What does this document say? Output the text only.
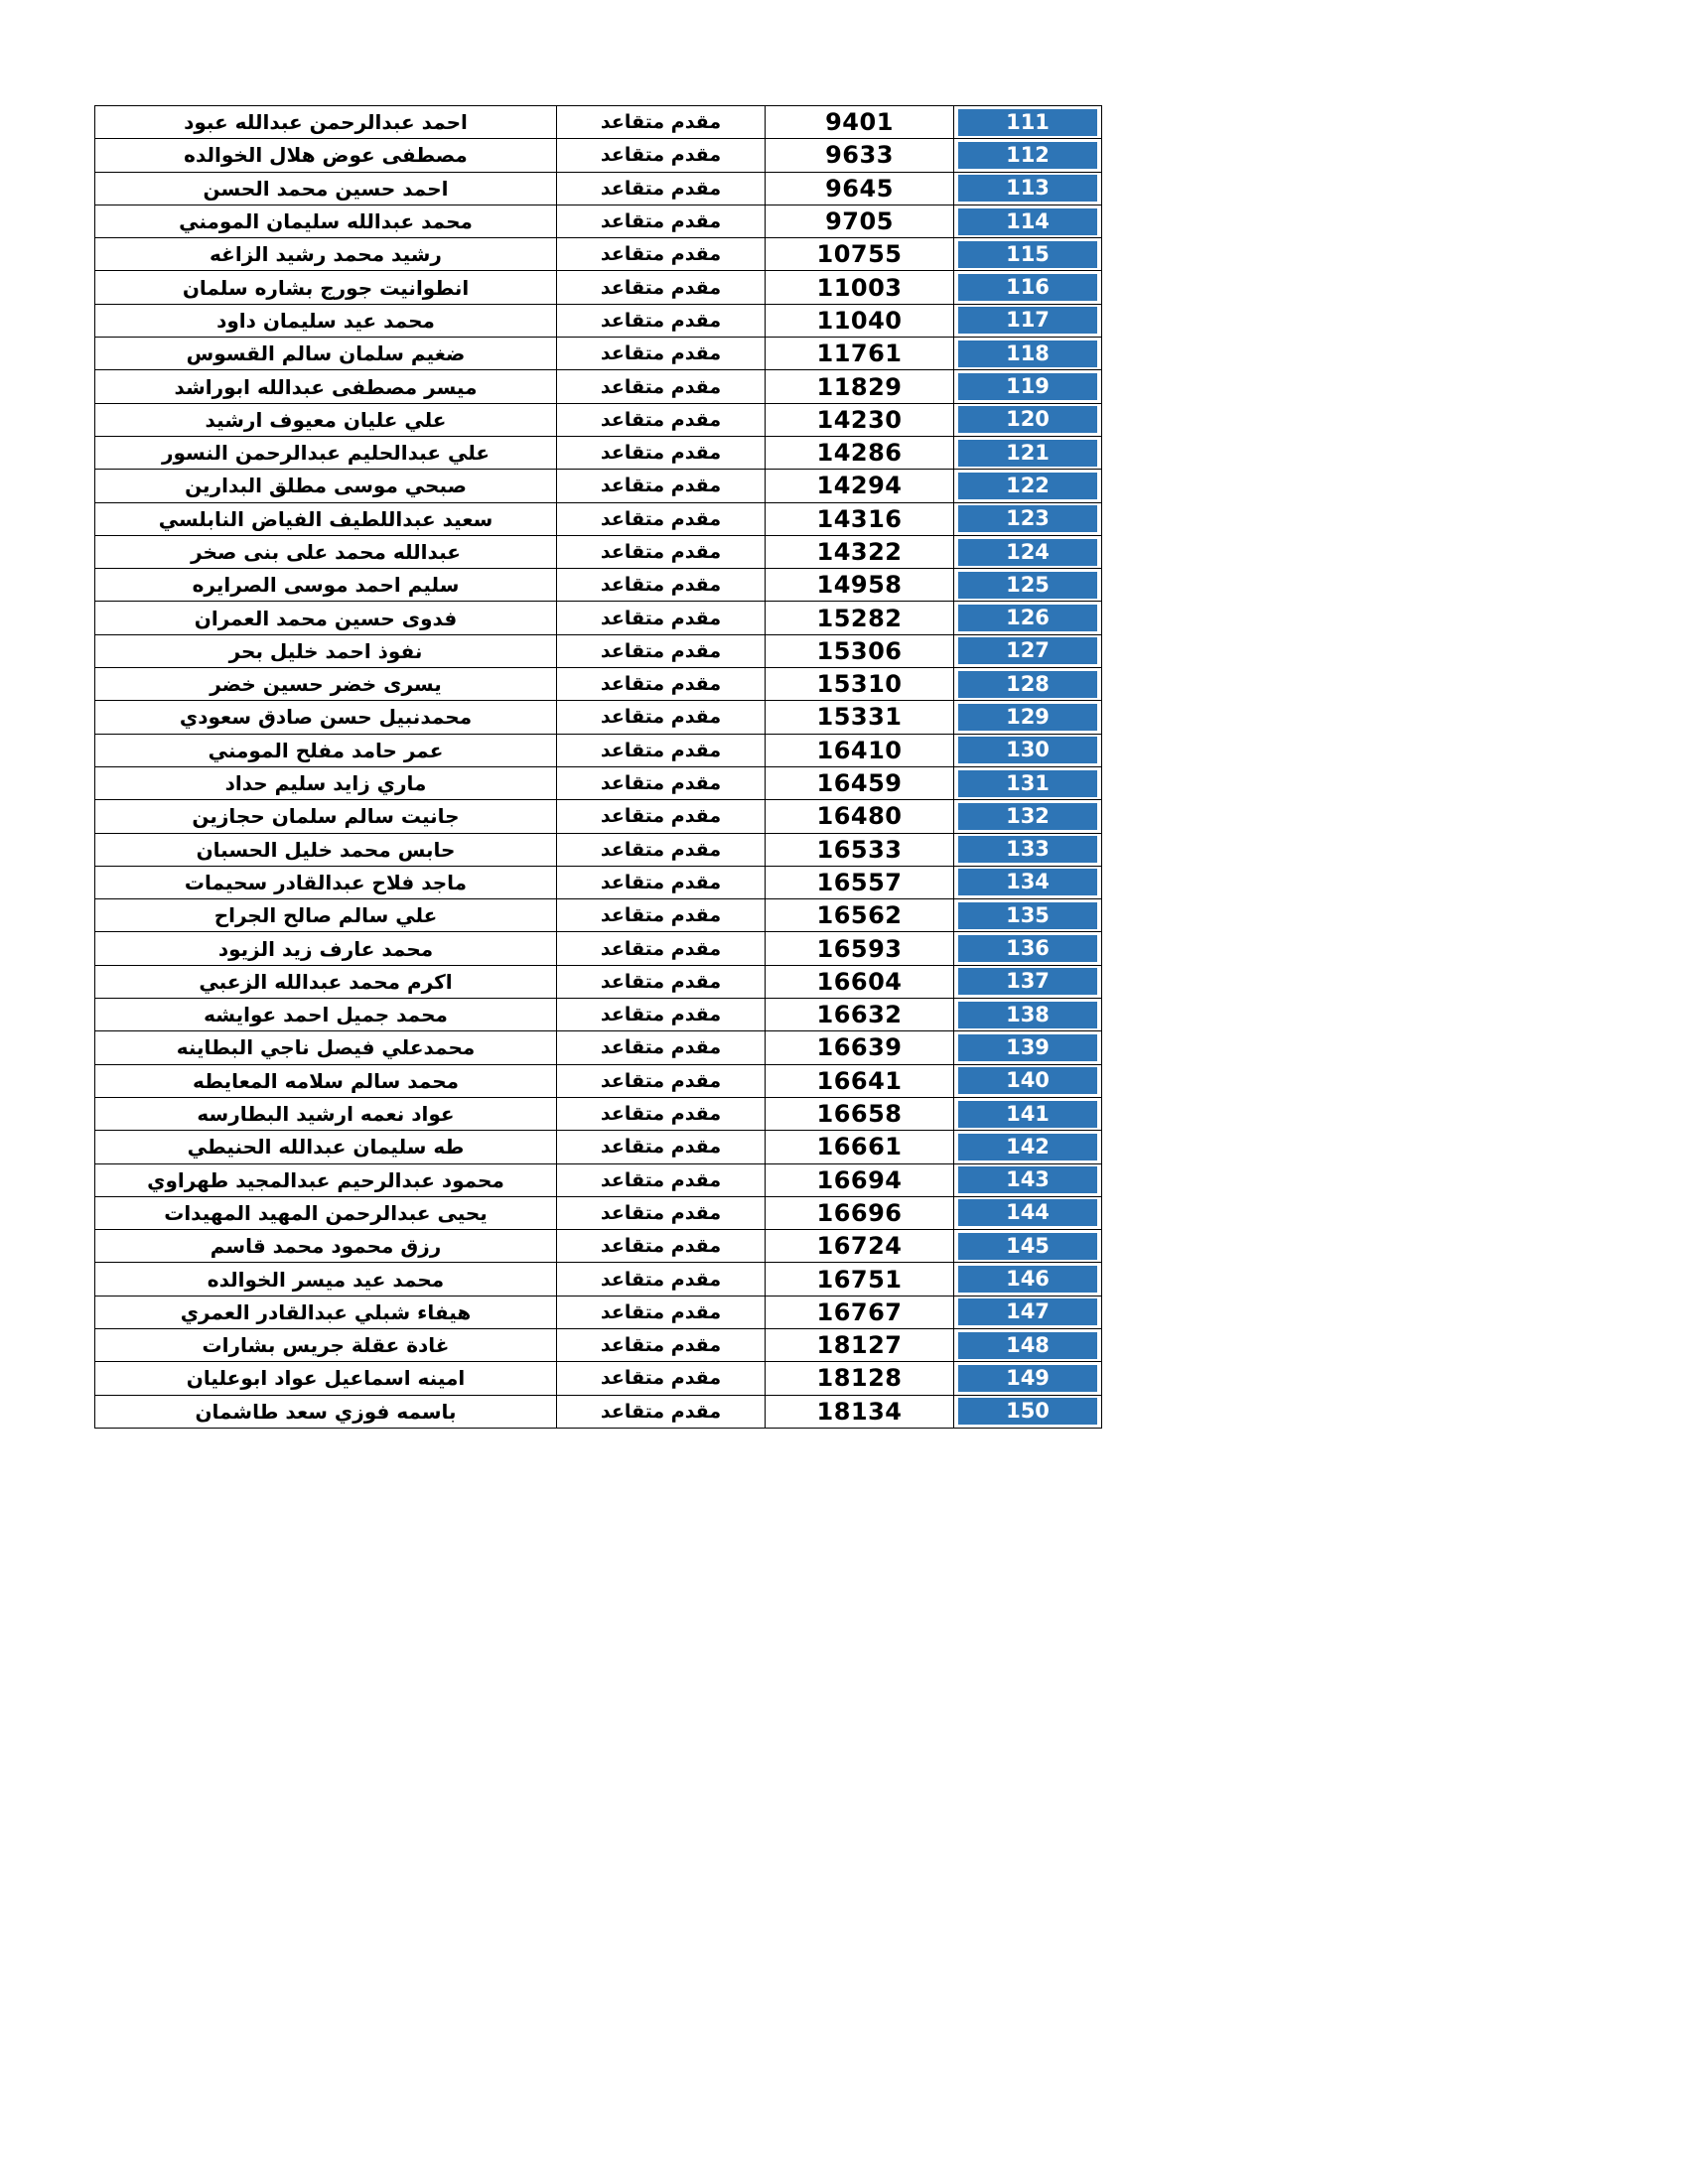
احمد عبدالرحمن عبدالله عبود	مقدم متقاعد	9401	111

مصطفى عوض هلال الخوالده	مقدم متقاعد	9633	112

احمد حسين محمد الحسن	مقدم متقاعد	9645	113

محمد عبدالله سليمان المومني	مقدم متقاعد	9705	114

رشيد محمد رشيد الزاغه	مقدم متقاعد	10755	115

انطوانيت جورج بشاره سلمان	مقدم متقاعد	11003	116

محمد عيد سليمان داود	مقدم متقاعد	11040	117

ضغيم سلمان سالم القسوس	مقدم متقاعد	11761	118

ميسر مصطفى عبدالله ابوراشد	مقدم متقاعد	11829	119

علي عليان معيوف ارشيد	مقدم متقاعد	14230	120

علي عبدالحليم عبدالرحمن النسور	مقدم متقاعد	14286	121

صبحي موسى مطلق البدارين	مقدم متقاعد	14294	122

سعيد عبداللطيف الفياض النابلسي	مقدم متقاعد	14316	123

عبدالله محمد على بنى صخر	مقدم متقاعد	14322	124

سليم احمد موسى الصرايره	مقدم متقاعد	14958	125

فدوى حسين محمد العمران	مقدم متقاعد	15282	126

نفوذ احمد خليل بحر	مقدم متقاعد	15306	127

يسرى خضر حسين خضر	مقدم متقاعد	15310	128

محمدنبيل حسن صادق سعودي	مقدم متقاعد	15331	129

عمر حامد مفلح المومني	مقدم متقاعد	16410	130

ماري زايد سليم حداد	مقدم متقاعد	16459	131

جانيت سالم سلمان حجازين	مقدم متقاعد	16480	132

حابس محمد خليل الحسبان	مقدم متقاعد	16533	133

ماجد فلاح عبدالقادر سحيمات	مقدم متقاعد	16557	134

علي سالم صالح الجراح	مقدم متقاعد	16562	135

محمد عارف زيد الزيود	مقدم متقاعد	16593	136

اكرم محمد عبدالله الزعبي	مقدم متقاعد	16604	137

محمد جميل احمد عوايشه	مقدم متقاعد	16632	138

محمدعلي فيصل ناجي البطاينه	مقدم متقاعد	16639	139

محمد سالم سلامه المعايطه	مقدم متقاعد	16641	140

عواد نعمه ارشيد البطارسه	مقدم متقاعد	16658	141

طه سليمان عبدالله الحنيطي	مقدم متقاعد	16661	142

محمود عبدالرحيم عبدالمجيد طهراوي	مقدم متقاعد	16694	143

يحيى عبدالرحمن المهيد المهيدات	مقدم متقاعد	16696	144

رزق محمود محمد قاسم	مقدم متقاعد	16724	145

محمد عيد ميسر الخوالده	مقدم متقاعد	16751	146

هيفاء شبلي عبدالقادر العمري	مقدم متقاعد	16767	147

غادة عقلة جريس بشارات	مقدم متقاعد	18127	148

امينه اسماعيل عواد ابوعليان	مقدم متقاعد	18128	149

باسمه فوزي سعد طاشمان	مقدم متقاعد	18134	150
